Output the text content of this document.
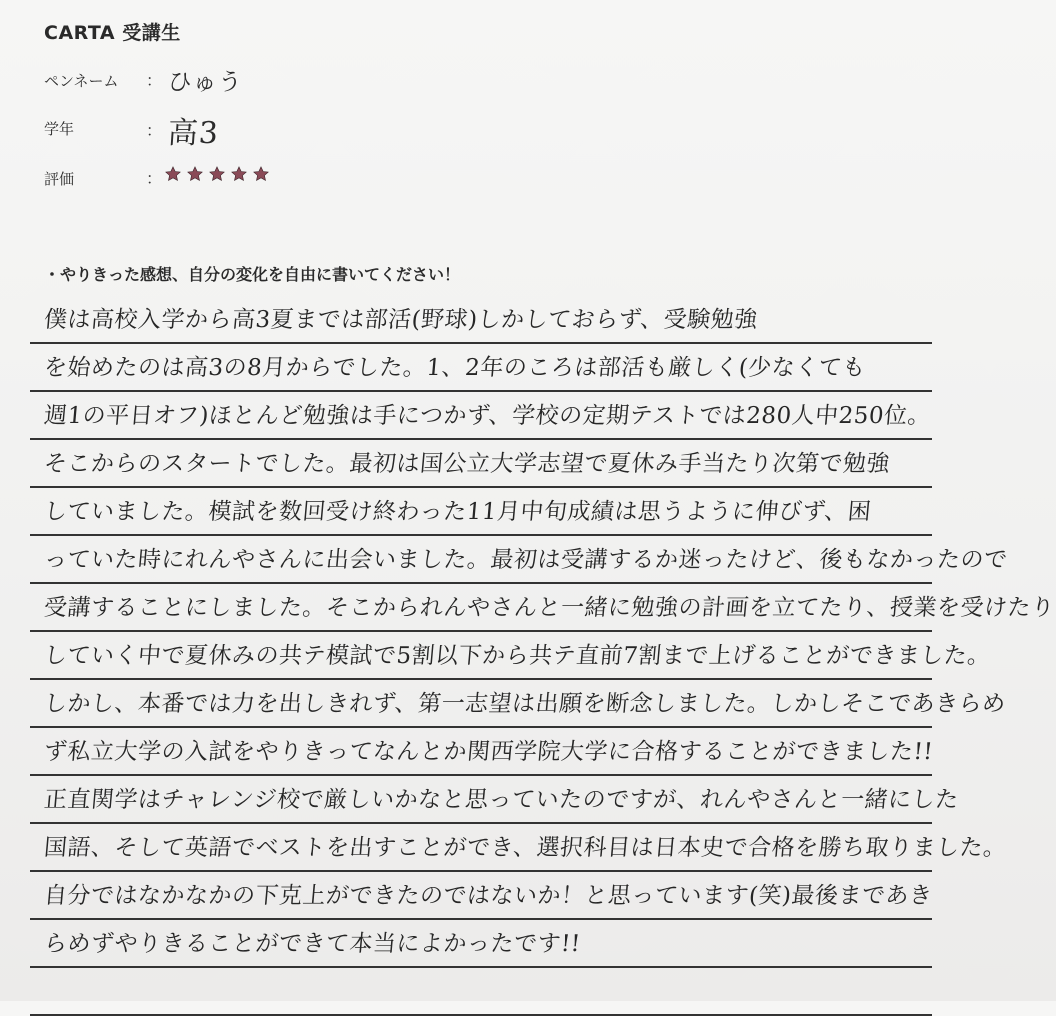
CARTA 受講生
ペンネーム ： ひゅう
学年	： 高3
評価	：
・やりきった感想、自分の変化を自由に書いてください！
僕は高校入学から高3夏までは部活(野球)しかしておらず、受験勉強
を始めたのは高3の8月からでした。1、2年のころは部活も厳しく(少なくても
週1の平日オフ)ほとんど勉強は手につかず、学校の定期テストでは280人中250位。
そこからのスタートでした。最初は国公立大学志望で夏休み手当たり次第で勉強
していました。模試を数回受け終わった11月中旬成績は思うように伸びず、困
っていた時にれんやさんに出会いました。最初は受講するか迷ったけど、後もなかったので
受講することにしました。そこかられんやさんと一緒に勉強の計画を立てたり、授業を受けたり
していく中で夏休みの共テ模試で5割以下から共テ直前7割まで上げることができました。
しかし、本番では力を出しきれず、第一志望は出願を断念しました。しかしそこであきらめ
ず私立大学の入試をやりきってなんとか関西学院大学に合格することができました!!
正直関学はチャレンジ校で厳しいかなと思っていたのですが、れんやさんと一緒にした
国語、そして英語でベストを出すことができ、選択科目は日本史で合格を勝ち取りました。
自分ではなかなかの下克上ができたのではないか！と思っています(笑)最後まであき
らめずやりきることができて本当によかったです!!
